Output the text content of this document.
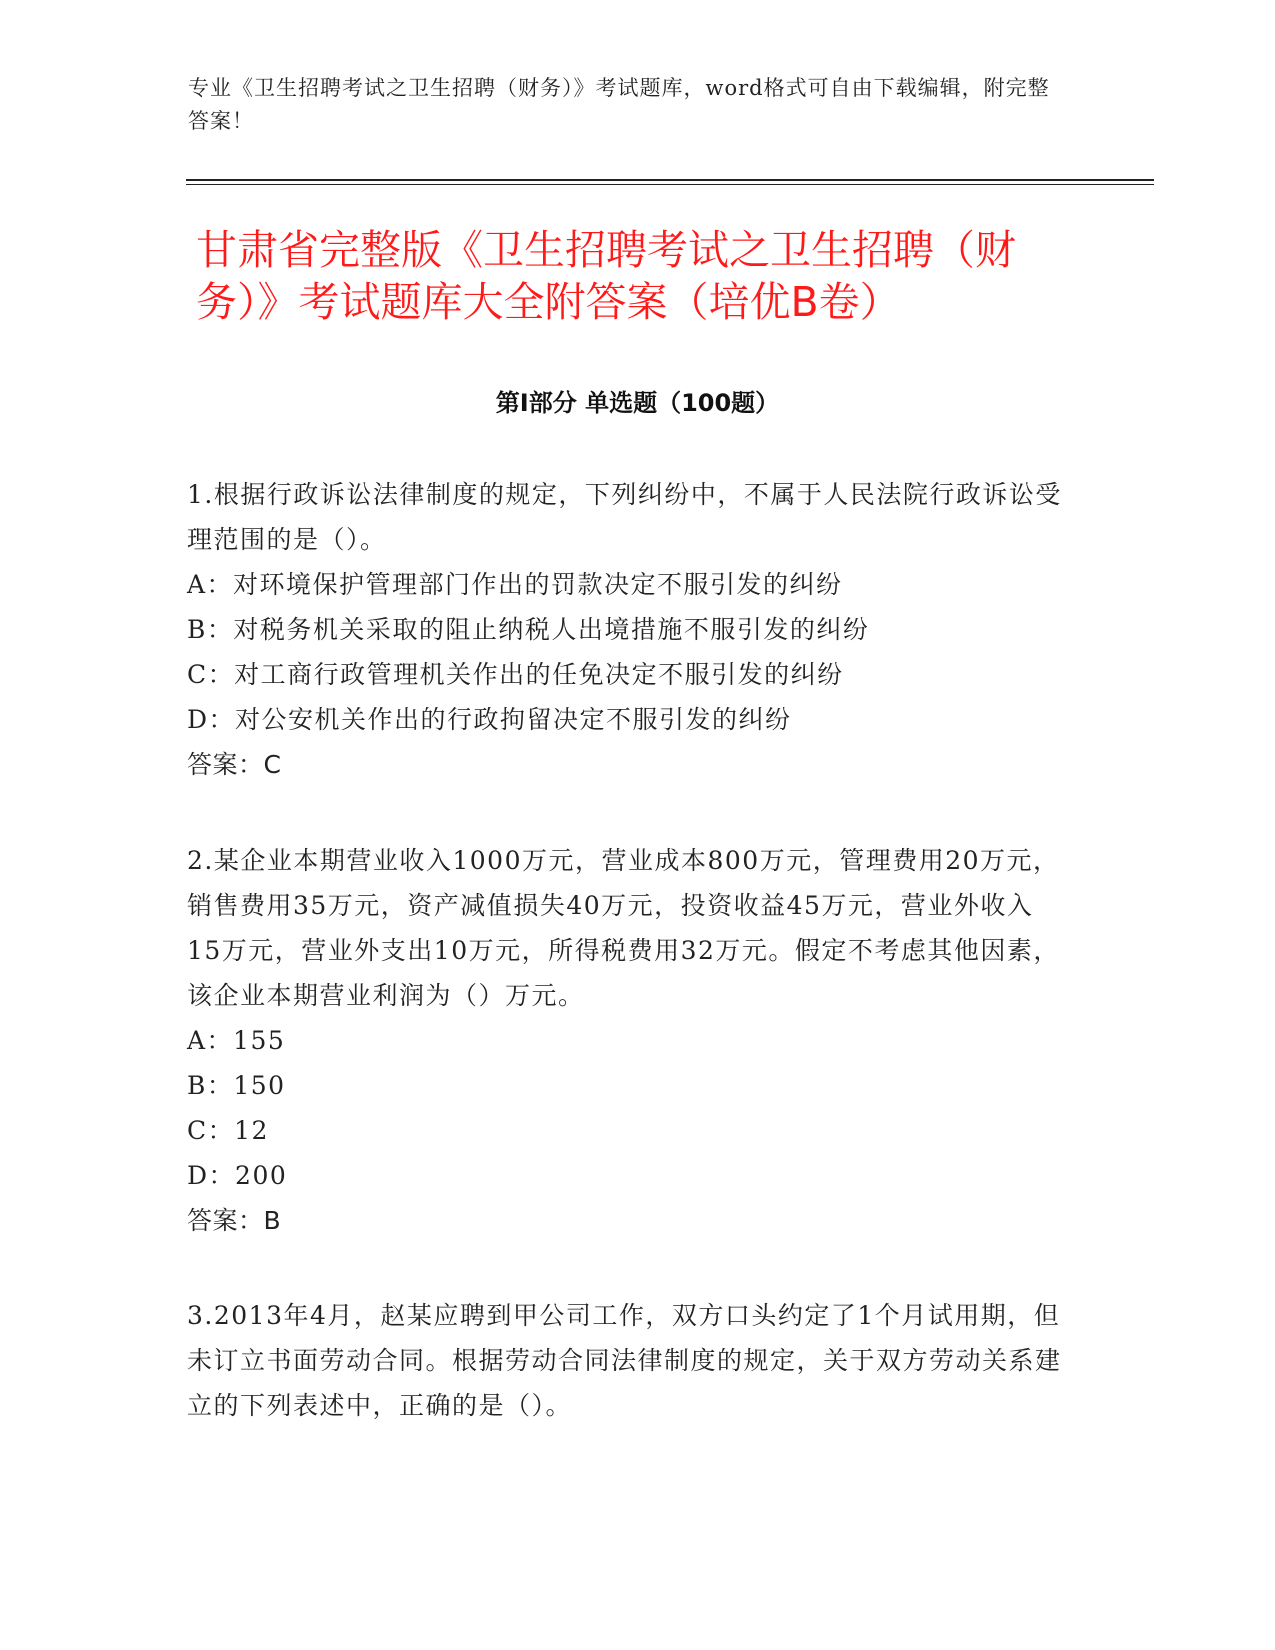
专业《卫生招聘考试之卫生招聘（财务）》考试题库，word格式可自由下载编辑，附完整答案！
甘肃省完整版《卫生招聘考试之卫生招聘（财务）》考试题库大全附答案（培优B卷）
第Ⅰ部分 单选题（100题）

1.根据行政诉讼法律制度的规定，下列纠纷中，不属于人民法院行政诉讼受理范围的是（）。

A：对环境保护管理部门作出的罚款决定不服引发的纠纷

B：对税务机关采取的阻止纳税人出境措施不服引发的纠纷

C：对工商行政管理机关作出的任免决定不服引发的纠纷

D：对公安机关作出的行政拘留决定不服引发的纠纷

答案：C

2.某企业本期营业收入1000万元，营业成本800万元，管理费用20万元，销售费用35万元，资产减值损失40万元，投资收益45万元，营业外收入15万元，营业外支出10万元，所得税费用32万元。假定不考虑其他因素，该企业本期营业利润为（）万元。

A：155

B：150

C：12

D：200

答案：B

3.2013年4月，赵某应聘到甲公司工作，双方口头约定了1个月试用期，但未订立书面劳动合同。根据劳动合同法律制度的规定，关于双方劳动关系建立的下列表述中，正确的是（）。
